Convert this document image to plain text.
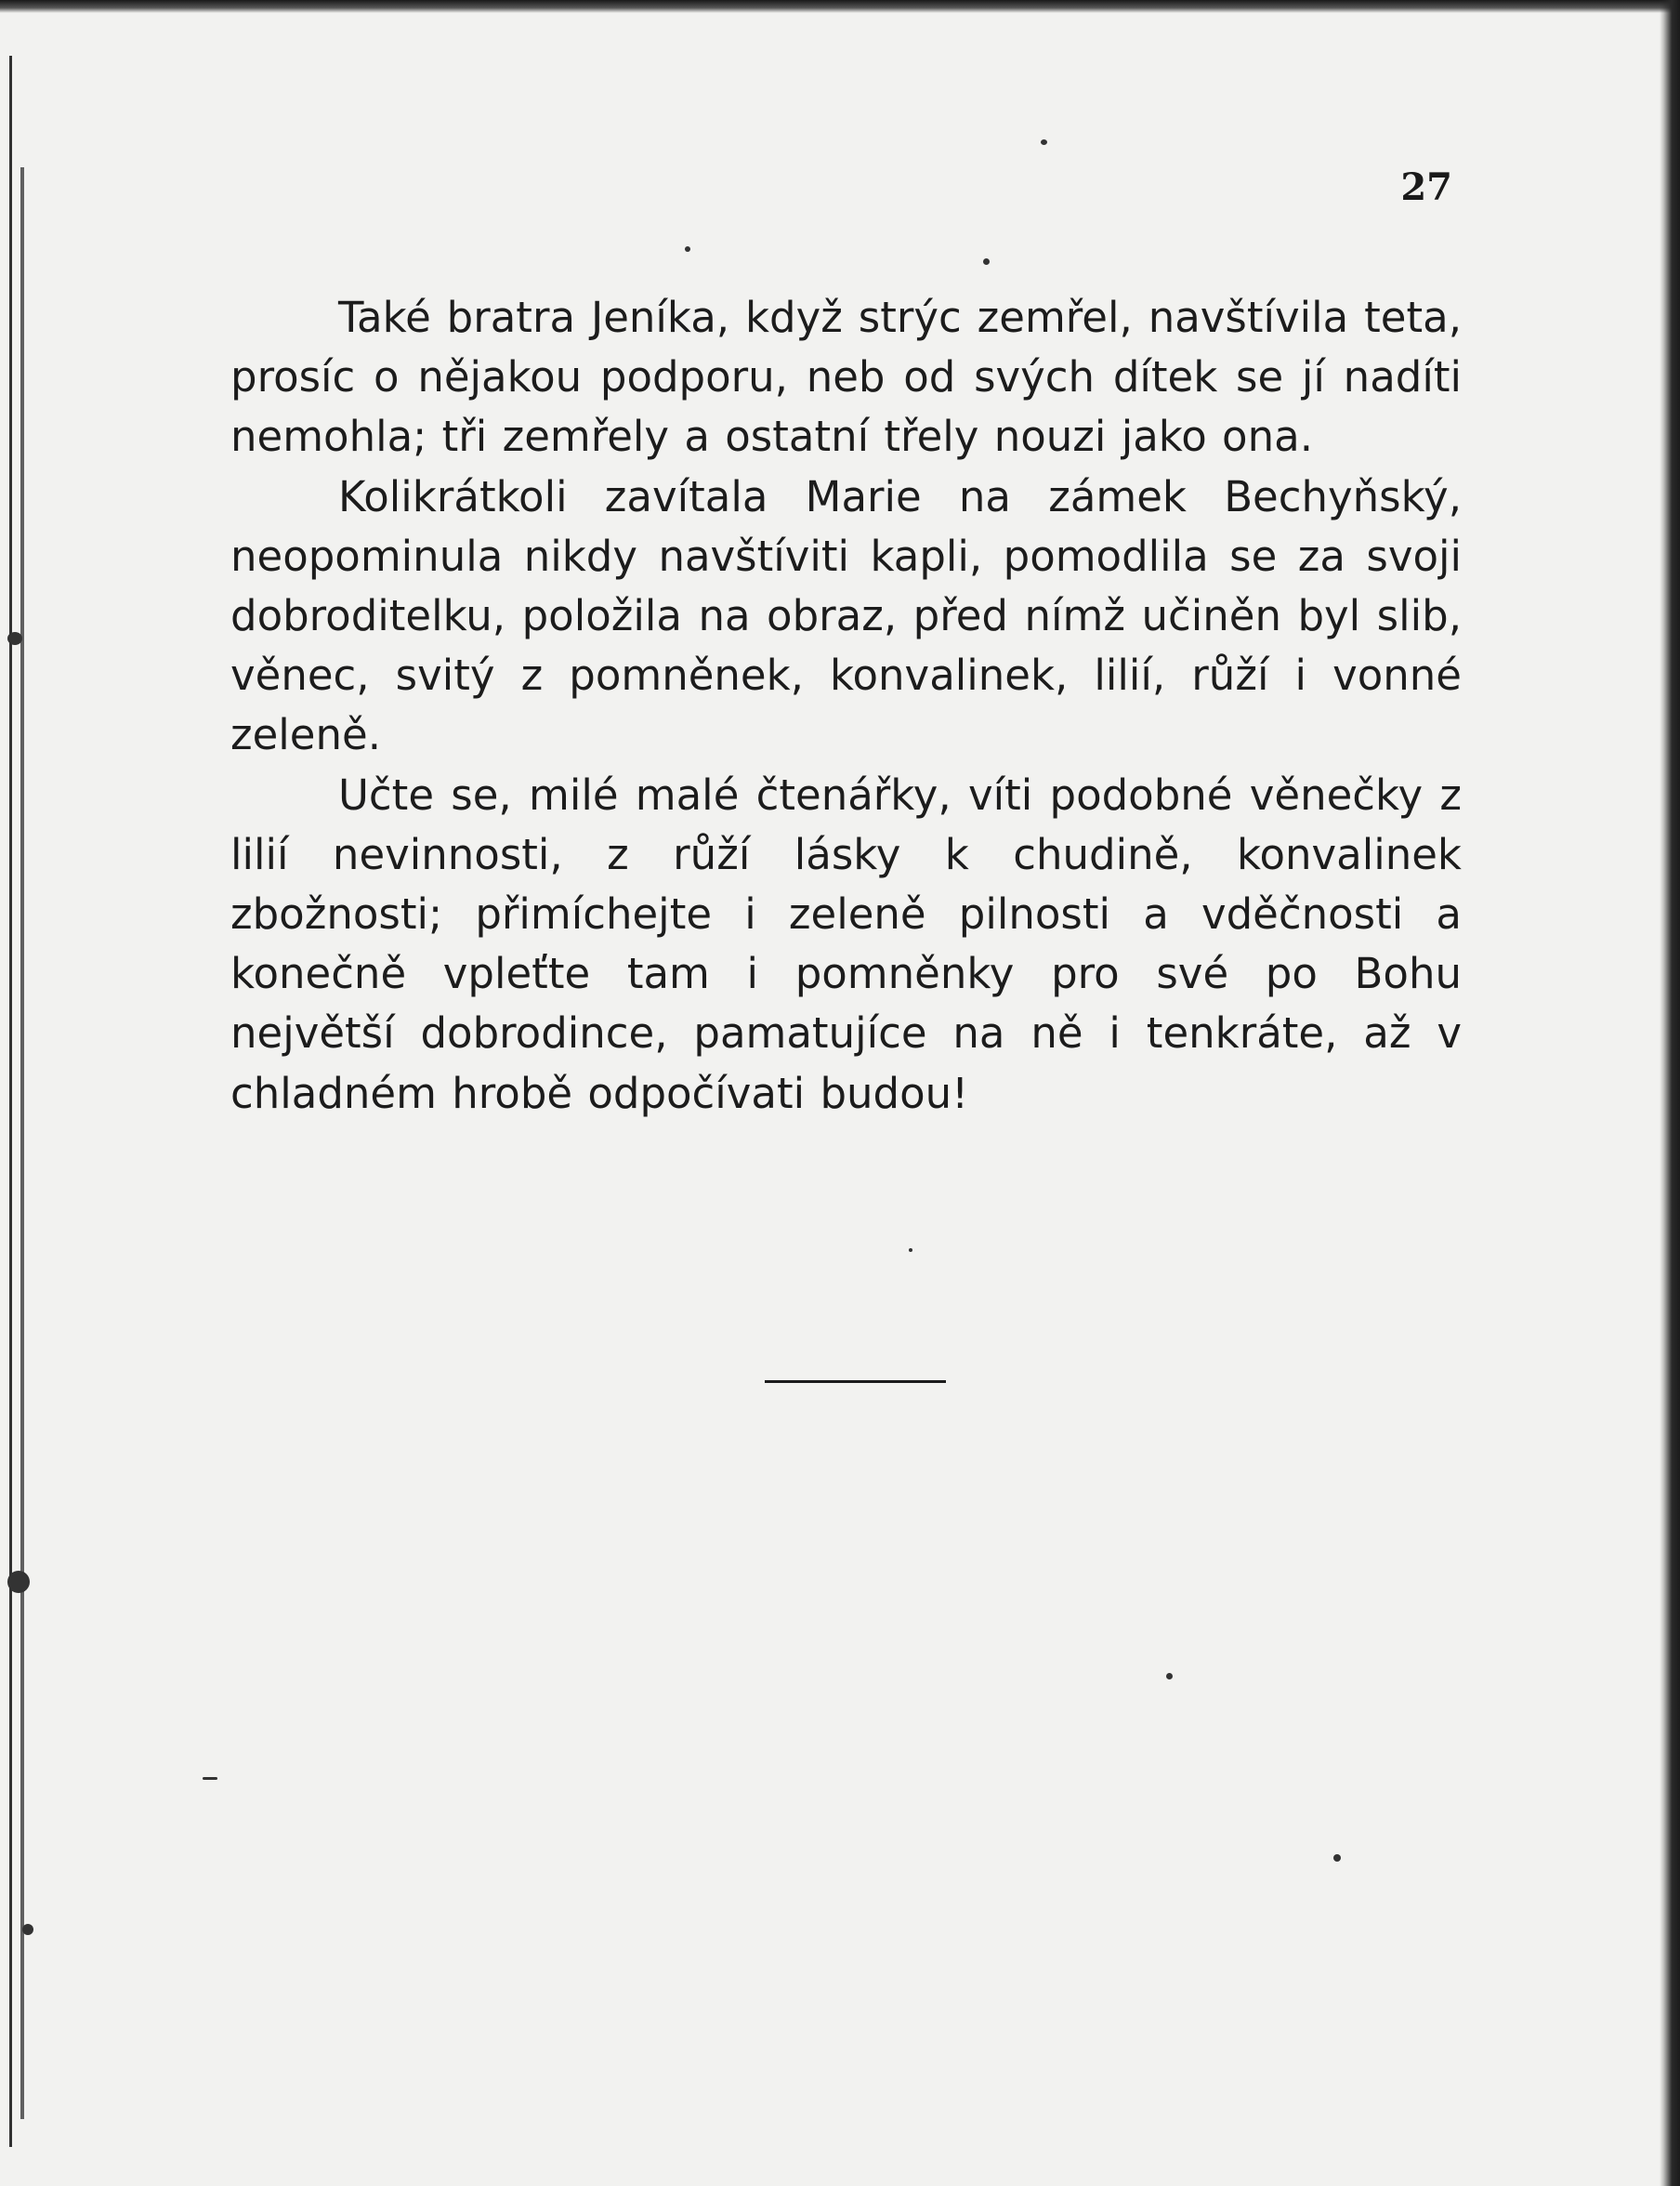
27

Také bratra Jeníka, když strýc zemřel, navštívila teta, prosíc o nějakou podporu, neb od svých dítek se jí nadíti nemohla; tři zemřely a ostatní třely nouzi jako ona.

Kolikrátkoli zavítala Marie na zámek Bechyňský, neopominula nikdy navštíviti kapli, pomodlila se za svoji dobroditelku, položila na obraz, před nímž učiněn byl slib, věnec, svitý z pomněnek, konvalinek, lilií, růží i vonné zeleně.

Učte se, milé malé čtenářky, víti podobné věnečky z lilií nevinnosti, z růží lásky k chudině, konvalinek zbožnosti; přimíchejte i zeleně pilnosti a vděčnosti a konečně vpleťte tam i pomněnky pro své po Bohu největší dobrodince, pamatujíce na ně i tenkráte, až v chladném hrobě odpočívati budou!
